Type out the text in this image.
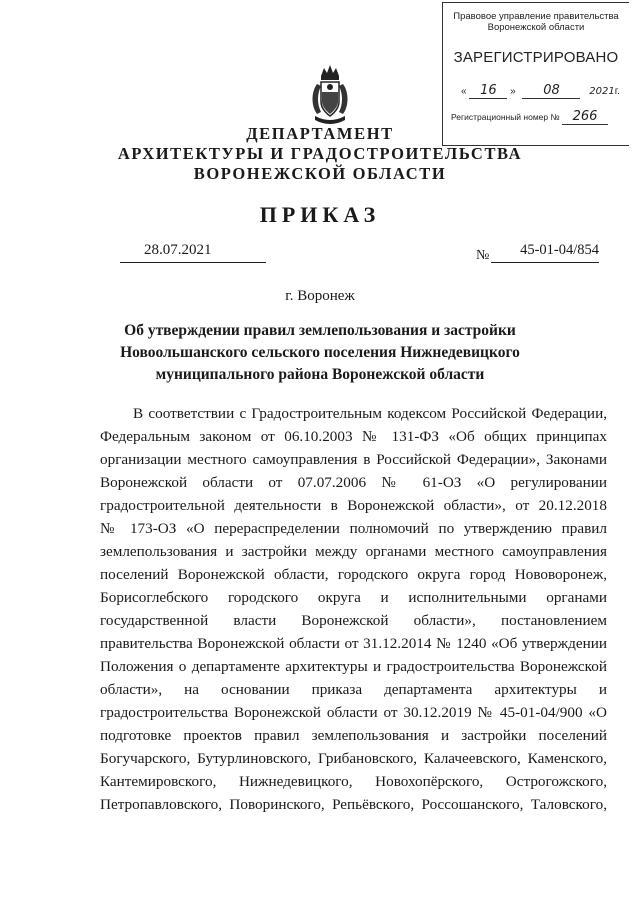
Правовое управление правительства
Воронежской области
ЗАРЕГИСТРИРОВАНО
« 16 » 08	2021г.
Регистрационный номер № 266
ДЕПАРТАМЕНТ
АРХИТЕКТУРЫ И ГРАДОСТРОИТЕЛЬСТВА
ВОРОНЕЖСКОЙ ОБЛАСТИ
ПРИКАЗ
28.07.2021	№	45-01-04/854
г. Воронеж
Об утверждении правил землепользования и застройки
Новоольшанского сельского поселения Нижнедевицкого
муниципального района Воронежской области
В соответствии с Градостроительным кодексом Российской Федерации,
Федеральным законом от 06.10.2003 № 131-ФЗ «Об общих принципах
организации местного самоуправления в Российской Федерации», Законами
Воронежской области от 07.07.2006 № 61-ОЗ «О регулировании
градостроительной деятельности в Воронежской области», от 20.12.2018
№ 173-ОЗ «О перераспределении полномочий по утверждению правил
землепользования и застройки между органами местного самоуправления
поселений Воронежской области, городского округа город Нововоронеж,
Борисоглебского городского округа и исполнительными органами
государственной власти Воронежской области», постановлением
правительства Воронежской области от 31.12.2014 № 1240 «Об утверждении
Положения о департаменте архитектуры и градостроительства Воронежской
области», на основании приказа департамента архитектуры и
градостроительства Воронежской области от 30.12.2019 № 45-01-04/900 «О
подготовке проектов правил землепользования и застройки поселений
Богучарского, Бутурлиновского, Грибановского, Калачеевского, Каменского,
Кантемировского, Нижнедевицкого, Новохопёрского, Острогожского,
Петропавловского, Поворинского, Репьёвского, Россошанского, Таловского,
